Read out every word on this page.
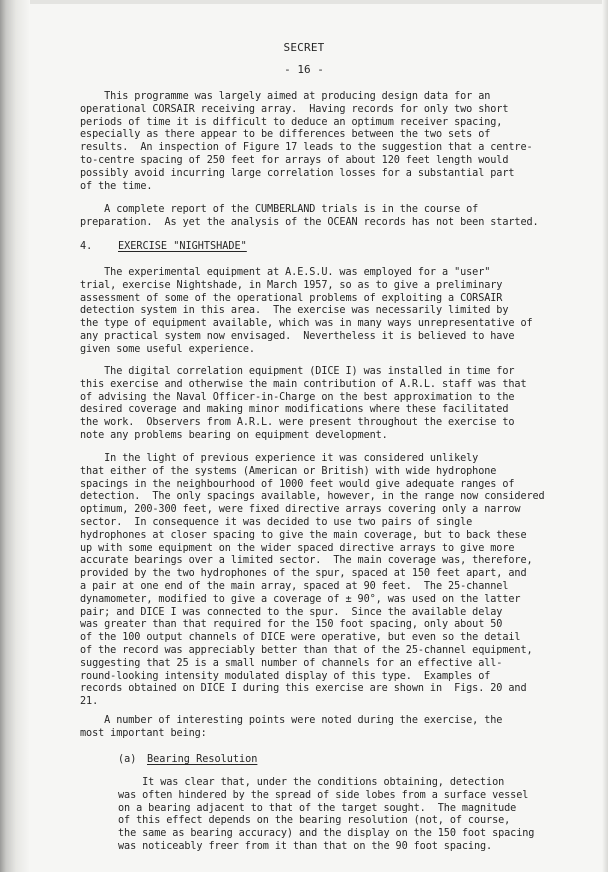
SECRET
- 16 -
This programme was largely aimed at producing design data for an
operational CORSAIR receiving array.  Having records for only two short
periods of time it is difficult to deduce an optimum receiver spacing,
especially as there appear to be differences between the two sets of
results.  An inspection of Figure 17 leads to the suggestion that a centre-
to-centre spacing of 250 feet for arrays of about 120 feet length would
possibly avoid incurring large correlation losses for a substantial part
of the time.
A complete report of the CUMBERLAND trials is in the course of
preparation.  As yet the analysis of the OCEAN records has not been started.
4.	EXERCISE "NIGHTSHADE"
The experimental equipment at A.E.S.U. was employed for a "user"
trial, exercise Nightshade, in March 1957, so as to give a preliminary
assessment of some of the operational problems of exploiting a CORSAIR
detection system in this area.  The exercise was necessarily limited by
the type of equipment available, which was in many ways unrepresentative of
any practical system now envisaged.  Nevertheless it is believed to have
given some useful experience.
The digital correlation equipment (DICE I) was installed in time for
this exercise and otherwise the main contribution of A.R.L. staff was that
of advising the Naval Officer-in-Charge on the best approximation to the
desired coverage and making minor modifications where these facilitated
the work.  Observers from A.R.L. were present throughout the exercise to
note any problems bearing on equipment development.
In the light of previous experience it was considered unlikely
that either of the systems (American or British) with wide hydrophone
spacings in the neighbourhood of 1000 feet would give adequate ranges of
detection.  The only spacings available, however, in the range now considered
optimum, 200-300 feet, were fixed directive arrays covering only a narrow
sector.  In consequence it was decided to use two pairs of single
hydrophones at closer spacing to give the main coverage, but to back these
up with some equipment on the wider spaced directive arrays to give more
accurate bearings over a limited sector.  The main coverage was, therefore,
provided by the two hydrophones of the spur, spaced at 150 feet apart, and
a pair at one end of the main array, spaced at 90 feet.  The 25-channel
dynamometer, modified to give a coverage of ± 90°, was used on the latter
pair; and DICE I was connected to the spur.  Since the available delay
was greater than that required for the 150 foot spacing, only about 50
of the 100 output channels of DICE were operative, but even so the detail
of the record was appreciably better than that of the 25-channel equipment,
suggesting that 25 is a small number of channels for an effective all-
round-looking intensity modulated display of this type.  Examples of
records obtained on DICE I during this exercise are shown in  Figs. 20 and
21.
A number of interesting points were noted during the exercise, the
most important being:
(a) Bearing Resolution
It was clear that, under the conditions obtaining, detection
was often hindered by the spread of side lobes from a surface vessel
on a bearing adjacent to that of the target sought.  The magnitude
of this effect depends on the bearing resolution (not, of course,
the same as bearing accuracy) and the display on the 150 foot spacing
was noticeably freer from it than that on the 90 foot spacing.
